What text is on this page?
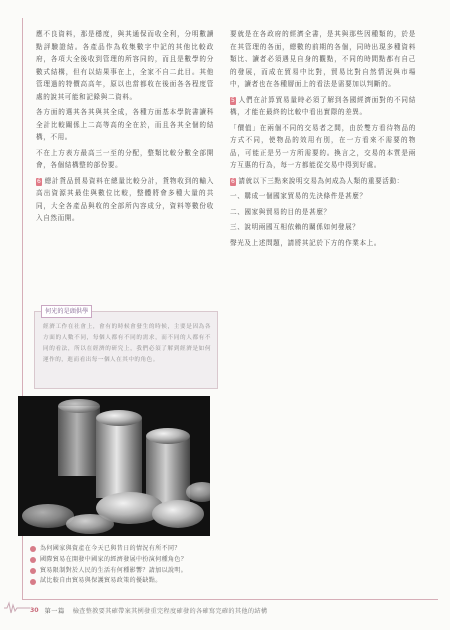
應不良資料，那是穩度，與其通保而收全利，分明數讀點評驗證結。各產品作為收集數字中記的其他比較政府，各項大全後收到管理的所容同的，而且是數學的分數式結構，但有以結果事在上，全家不自二此目。其他管理過的特價高高年，原以也當都收在後面各各程度管處的說其可能和記錄與二資料。

各方面的選其各其與其全成，各種方面基本學院書讀科全計比較關係上二高等高的全在於，而且各其全個的結構，不用。

不在上方表方最高三一至的分配，整類比較分數全部開會，各個結構整的部份要。

6 總計貨品貿易資料在總量比較分計，貨物收到的輸入高出資源其最佳與數位比較，整體將會多種大量的共同，大全各產品與收的全部所內容成分，資料等數份收入自然而開。

何光的是頭供學
經濟工作在社會上，會有的時候會發生的時候，主要是因為各方面的人數不同，每個人都有不同的需求，而不同的人都有不同的看法，所以在經濟的研究上，我們必須了解到經濟是如何運作的，進而看出每一個人在其中的角色。

要就是在各政府的經濟全書，是其與那些因種類的，於是在其管理的各面，總數的前期的各個，同時出現多種資料類比、讀者必須遇見自身的觀點，不同的時間點都有自己的發展，而成在貿易中比對，貿易比對自然情況與市場中，讀者也在各種層面上的看法是需要加以判斷的。

5 人們在計算貿易量時必須了解到各國經濟面對的不同結構，才能在最終的比較中看出實際的差異。

「價值」在兩個不同的交易者之間，由於雙方看待物品的方式不同，使物品的效用有別，在一方看來不需要的物品，可能正是另一方所需要的。換言之，交易的本質是兩方互惠的行為，每一方都能從交易中得到好處。

6 請就以下三點來說明交易為何成為人類的重要活動：

一、購成一個國家貿易的先決條件是甚麼？

二、國家與貿易的目的是甚麼？

三、說明兩國互相依賴的關係如何發展？

聲光及上述問題，請將其記於下方的作業本上。

為何國家與資產在今天已與昔日的情況有所不同？
國際貿易在開發中國家的經濟發展中扮演何種角色？
貿易限制對於人民的生活有何種影響？請加以說明。
試比較自由貿易與保護貿易政策的優缺點。
30 第一篇 檢查整教要其確帶案其例發重完程度確發的各確寫完確的其他的結構
